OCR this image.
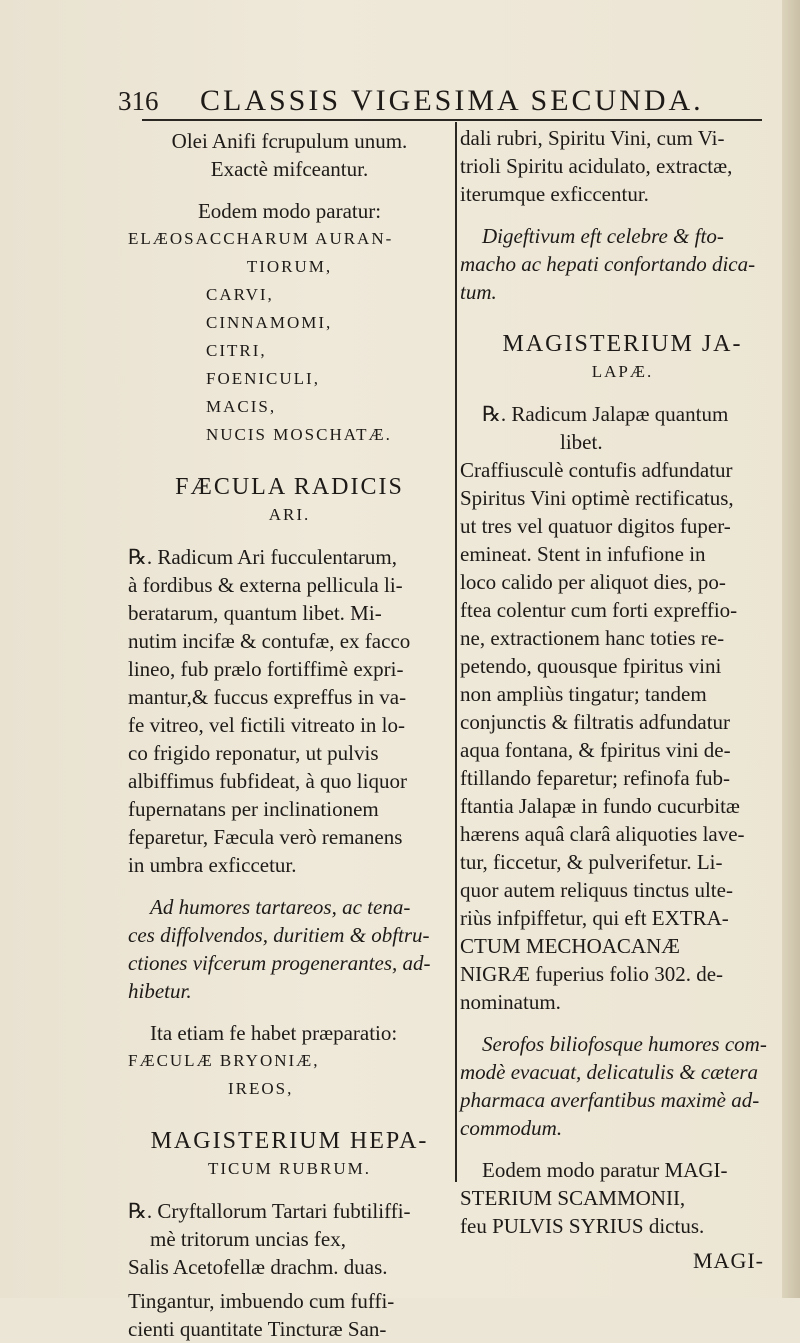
316 CLASSIS VIGESIMA SECUNDA.
Olei Anifi fcrupulum unum.
Exactè mifceantur.
Eodem modo paratur:
ELÆOSACCHARUM AURAN-
TIORUM,
CARVI,
CINNAMOMI,
CITRI,
FOENICULI,
MACIS,
NUCIS MOSCHATÆ.
FÆCULA RADICIS
ARI.
℞. Radicum Ari fucculentarum,
à fordibus & externa pellicula li-
beratarum, quantum libet. Mi-
nutim incifæ & contufæ, ex facco
lineo, fub prælo fortiffimè expri-
mantur,& fuccus expreffus in va-
fe vitreo, vel fictili vitreato in lo-
co frigido reponatur, ut pulvis
albiffimus fubfideat, à quo liquor
fupernatans per inclinationem
feparetur, Fæcula verò remanens
in umbra exficcetur.
Ad humores tartareos, ac tena-
ces diffolvendos, duritiem & obftru-
ctiones vifcerum progenerantes, ad-
hibetur.
Ita etiam fe habet præparatio:
FÆCULÆ BRYONIÆ,
IREOS,
MAGISTERIUM HEPA-
TICUM RUBRUM.
℞. Cryftallorum Tartari fubtiliffi-
mè tritorum uncias fex,
Salis Acetofellæ drachm. duas.
Tingantur, imbuendo cum fuffi-
cienti quantitate Tincturæ San-
dali rubri, Spiritu Vini, cum Vi-
trioli Spiritu acidulato, extractæ,
iterumque exficcentur.
Digeftivum eft celebre & fto-
macho ac hepati confortando dica-
tum.
MAGISTERIUM JA-
LAPÆ.
℞. Radicum Jalapæ quantum
libet.
Craffiusculè contufis adfundatur
Spiritus Vini optimè rectificatus,
ut tres vel quatuor digitos fuper-
emineat. Stent in infufione in
loco calido per aliquot dies, po-
ftea colentur cum forti expreffio-
ne, extractionem hanc toties re-
petendo, quousque fpiritus vini
non ampliùs tingatur; tandem
conjunctis & filtratis adfundatur
aqua fontana, & fpiritus vini de-
ftillando feparetur; refinofa fub-
ftantia Jalapæ in fundo cucurbitæ
hærens aquâ clarâ aliquoties lave-
tur, ficcetur, & pulverifetur. Li-
quor autem reliquus tinctus ulte-
riùs infpiffetur, qui eft EXTRA-
CTUM MECHOACANÆ
NIGRÆ fuperius folio 302. de-
nominatum.
Serofos biliofosque humores com-
modè evacuat, delicatulis & cætera
pharmaca averfantibus maximè ad-
commodum.
Eodem modo paratur MAGI-
STERIUM SCAMMONII,
feu PULVIS SYRIUS dictus.
MAGI-
